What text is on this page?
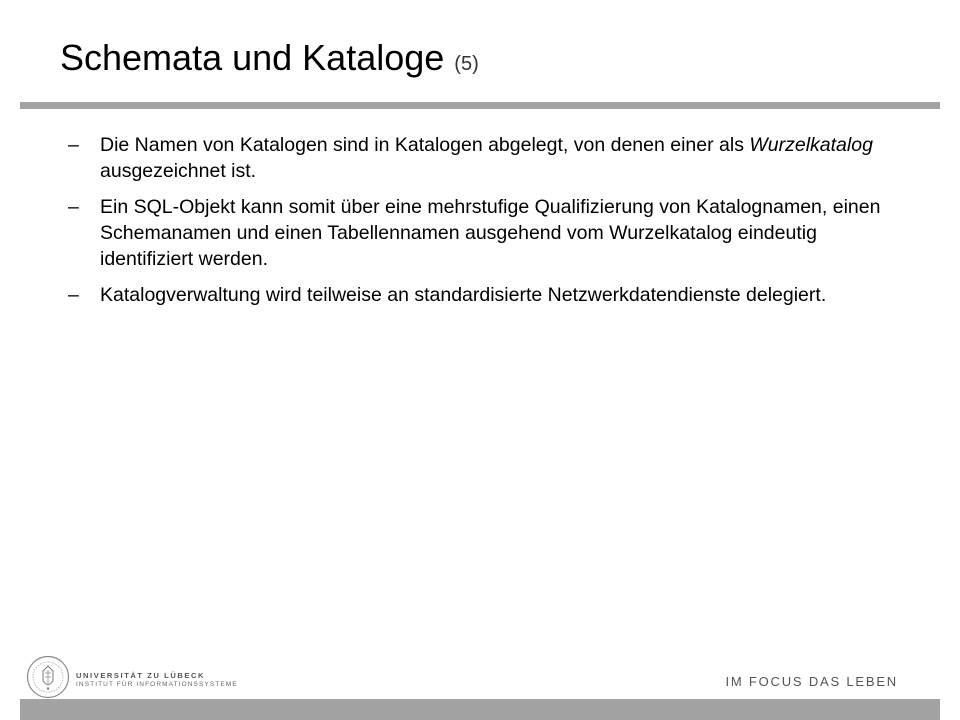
Schemata und Kataloge (5)
– Die Namen von Katalogen sind in Katalogen abgelegt, von denen einer als Wurzelkatalog ausgezeichnet ist.
– Ein SQL-Objekt kann somit über eine mehrstufige Qualifizierung von Katalognamen, einen Schemanamen und einen Tabellennamen ausgehend vom Wurzelkatalog eindeutig identifiziert werden.
– Katalogverwaltung wird teilweise an standardisierte Netzwerkdatendienste delegiert.
UNIVERSITÄT ZU LÜBECK
INSTITUT FÜR INFORMATIONSSYSTEME	IM FOCUS DAS LEBEN
